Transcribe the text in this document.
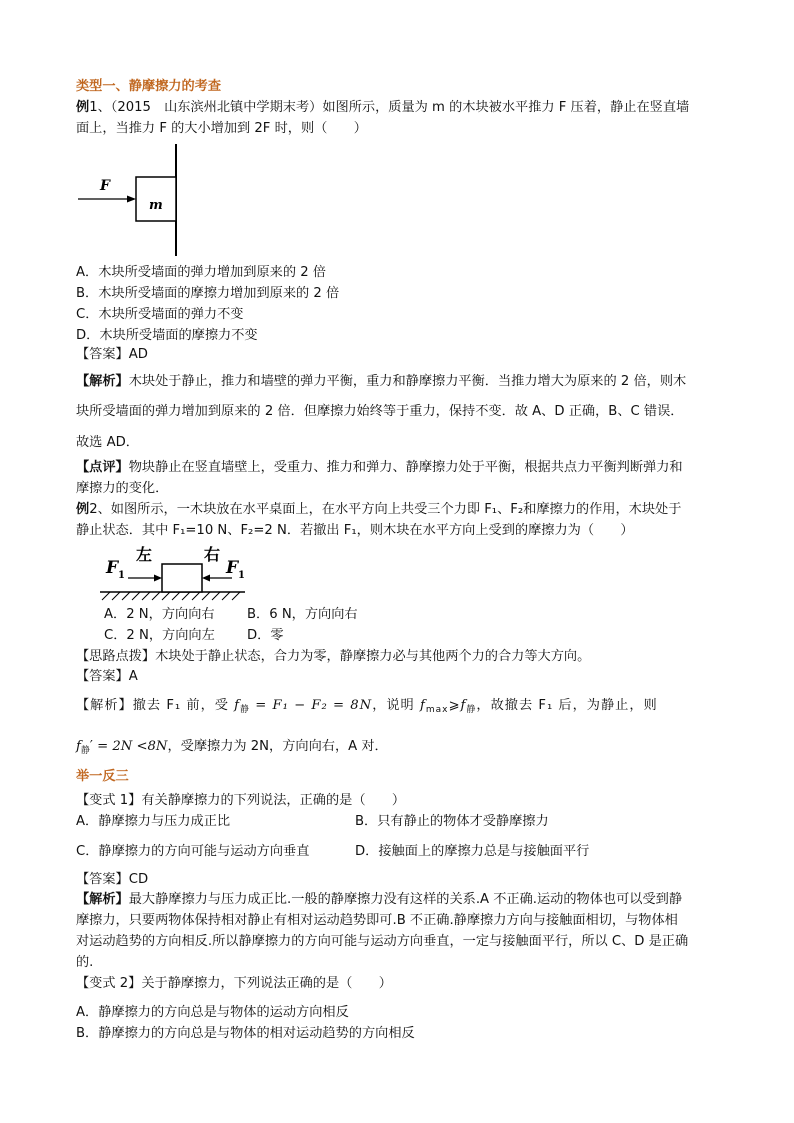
类型一、静摩擦力的考查
例1、（2015　山东滨州北镇中学期末考）如图所示，质量为 m 的木块被水平推力 F 压着，静止在竖直墙
面上，当推力 F 的大小增加到 2F 时，则（　　）
F
m
A．木块所受墙面的弹力增加到原来的 2 倍
B．木块所受墙面的摩擦力增加到原来的 2 倍
C．木块所受墙面的弹力不变
D．木块所受墙面的摩擦力不变
【答案】AD
【解析】木块处于静止，推力和墙壁的弹力平衡，重力和静摩擦力平衡．当推力增大为原来的 2 倍，则木
块所受墙面的弹力增加到原来的 2 倍．但摩擦力始终等于重力，保持不变．故 A、D 正确，B、C 错误．
故选 AD．
【点评】物块静止在竖直墙壁上，受重力、推力和弹力、静摩擦力处于平衡，根据共点力平衡判断弹力和
摩擦力的变化．
例2、如图所示，一木块放在水平桌面上，在水平方向上共受三个力即 F₁、F₂和摩擦力的作用，木块处于
静止状态．其中 F₁=10 N、F₂=2 N．若撤出 F₁，则木块在水平方向上受到的摩擦力为（　　）
F 1
左	右
F 1
A．2 N，方向向右	B．6 N，方向向右
C．2 N，方向向左	D．零
【思路点拨】木块处于静止状态，合力为零，静摩擦力必与其他两个力的合力等大方向。
【答案】A
【解析】撤去 F₁ 前，受 $f_静 = F_1 - F_2 = 8N$，说明 $f_{max}⩾f_静$，故撤去 F₁ 后，为静止，则
$f_静' = 2N <8N$，受摩擦力为 2N，方向向右，A 对．
举一反三
【变式 1】有关静摩擦力的下列说法，正确的是（　　）
A．静摩擦力与压力成正比	B．只有静止的物体才受静摩擦力
C．静摩擦力的方向可能与运动方向垂直	D．接触面上的摩擦力总是与接触面平行
【答案】CD
【解析】最大静摩擦力与压力成正比.一般的静摩擦力没有这样的关系.A 不正确.运动的物体也可以受到静
摩擦力，只要两物体保持相对静止有相对运动趋势即可.B 不正确.静摩擦力方向与接触面相切，与物体相
对运动趋势的方向相反.所以静摩擦力的方向可能与运动方向垂直，一定与接触面平行，所以 C、D 是正确
的.
【变式 2】关于静摩擦力，下列说法正确的是（　　）
A．静摩擦力的方向总是与物体的运动方向相反
B．静摩擦力的方向总是与物体的相对运动趋势的方向相反
